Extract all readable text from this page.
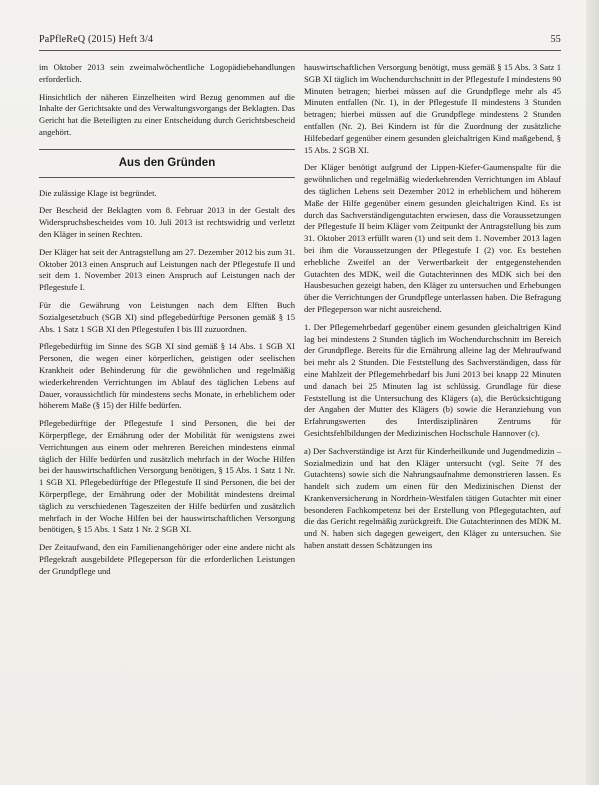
PaPfleReQ (2015) Heft 3/4	55

im Oktober 2013 sein zweimalwöchentliche Logopädiebehandlungen erforderlich.

Hinsichtlich der näheren Einzelheiten wird Bezug genommen auf die Inhalte der Gerichtsakte und des Verwaltungsvorgangs der Beklagten. Das Gericht hat die Beteiligten zu einer Entscheidung durch Gerichtsbescheid angehört.

Aus den Gründen

Die zulässige Klage ist begründet.

Der Bescheid der Beklagten vom 8. Februar 2013 in der Gestalt des Widerspruchsbescheides vom 10. Juli 2013 ist rechtswidrig und verletzt den Kläger in seinen Rechten.

Der Kläger hat seit der Antragstellung am 27. Dezember 2012 bis zum 31. Oktober 2013 einen Anspruch auf Leistungen nach der Pflegestufe II und seit dem 1. November 2013 einen Anspruch auf Leistungen nach der Pflegestufe I.

Für die Gewährung von Leistungen nach dem Elften Buch Sozialgesetzbuch (SGB XI) sind pflegebedürftige Personen gemäß § 15 Abs. 1 Satz 1 SGB XI den Pflegestufen I bis III zuzuordnen.

Pflegebedürftig im Sinne des SGB XI sind gemäß § 14 Abs. 1 SGB XI Personen, die wegen einer körperlichen, geistigen oder seelischen Krankheit oder Behinderung für die gewöhnlichen und regelmäßig wiederkehrenden Verrichtungen im Ablauf des täglichen Lebens auf Dauer, voraussichtlich für mindestens sechs Monate, in erheblichem oder höherem Maße (§ 15) der Hilfe bedürfen.

Pflegebedürftige der Pflegestufe I sind Personen, die bei der Körperpflege, der Ernährung oder der Mobilität für wenigstens zwei Verrichtungen aus einem oder mehreren Bereichen mindestens einmal täglich der Hilfe bedürfen und zusätzlich mehrfach in der Woche Hilfen bei der hauswirtschaftlichen Versorgung benötigen, § 15 Abs. 1 Satz 1 Nr. 1 SGB XI. Pflegebedürftige der Pflegestufe II sind Personen, die bei der Körperpflege, der Ernährung oder der Mobilität mindestens dreimal täglich zu verschiedenen Tageszeiten der Hilfe bedürfen und zusätzlich mehrfach in der Woche Hilfen bei der hauswirtschaftlichen Versorgung benötigen, § 15 Abs. 1 Satz 1 Nr. 2 SGB XI.

Der Zeitaufwand, den ein Familienangehöriger oder eine andere nicht als Pflegekraft ausgebildete Pflegeperson für die erforderlichen Leistungen der Grundpflege und

hauswirtschaftlichen Versorgung benötigt, muss gemäß § 15 Abs. 3 Satz 1 SGB XI täglich im Wochendurchschnitt in der Pflegestufe I mindestens 90 Minuten betragen; hierbei müssen auf die Grundpflege mehr als 45 Minuten entfallen (Nr. 1), in der Pflegestufe II mindestens 3 Stunden betragen; hierbei müssen auf die Grundpflege mindestens 2 Stunden entfallen (Nr. 2). Bei Kindern ist für die Zuordnung der zusätzliche Hilfebedarf gegenüber einem gesunden gleichaltrigen Kind maßgebend, § 15 Abs. 2 SGB XI.

Der Kläger benötigt aufgrund der Lippen-Kiefer-Gaumenspalte für die gewöhnlichen und regelmäßig wiederkehrenden Verrichtungen im Ablauf des täglichen Lebens seit Dezember 2012 in erheblichem und höherem Maße der Hilfe gegenüber einem gesunden gleichaltrigen Kind. Es ist durch das Sachverständigengutachten erwiesen, dass die Voraussetzungen der Pflegestufe II beim Kläger vom Zeitpunkt der Antragstellung bis zum 31. Oktober 2013 erfüllt waren (1) und seit dem 1. November 2013 lagen bei ihm die Voraussetzungen der Pflegestufe I (2) vor. Es bestehen erhebliche Zweifel an der Verwertbarkeit der entgegenstehenden Gutachten des MDK, weil die Gutachterinnen des MDK sich bei den Hausbesuchen gezeigt haben, den Kläger zu untersuchen und Erhebungen über die Verrichtungen der Grundpflege unterlassen haben. Die Befragung der Pflegeperson war nicht ausreichend.

1. Der Pflegemehrbedarf gegenüber einem gesunden gleichaltrigen Kind lag bei mindestens 2 Stunden täglich im Wochendurchschnitt im Bereich der Grundpflege. Bereits für die Ernährung alleine lag der Mehraufwand bei mehr als 2 Stunden. Die Feststellung des Sachverständigen, dass für eine Mahlzeit der Pflegemehrbedarf bis Juni 2013 bei knapp 22 Minuten und danach bei 25 Minuten lag ist schlüssig. Grundlage für diese Feststellung ist die Untersuchung des Klägers (a), die Berücksichtigung der Angaben der Mutter des Klägers (b) sowie die Heranziehung von Erfahrungswerten des Interdisziplinären Zentrums für Gesichtsfehlbildungen der Medizinischen Hochschule Hannover (c).

a) Der Sachverständige ist Arzt für Kinderheilkunde und Jugendmedizin – Sozialmedizin und hat den Kläger untersucht (vgl. Seite 7f des Gutachtens) sowie sich die Nahrungsaufnahme demonstrieren lassen. Es handelt sich zudem um einen für den Medizinischen Dienst der Krankenversicherung in Nordrhein-Westfalen tätigen Gutachter mit einer besonderen Fachkompetenz bei der Erstellung von Pflegegutachten, auf die das Gericht regelmäßig zurückgreift. Die Gutachterinnen des MDK M. und N. haben sich dagegen geweigert, den Kläger zu untersuchen. Sie haben anstatt dessen Schätzungen ins
